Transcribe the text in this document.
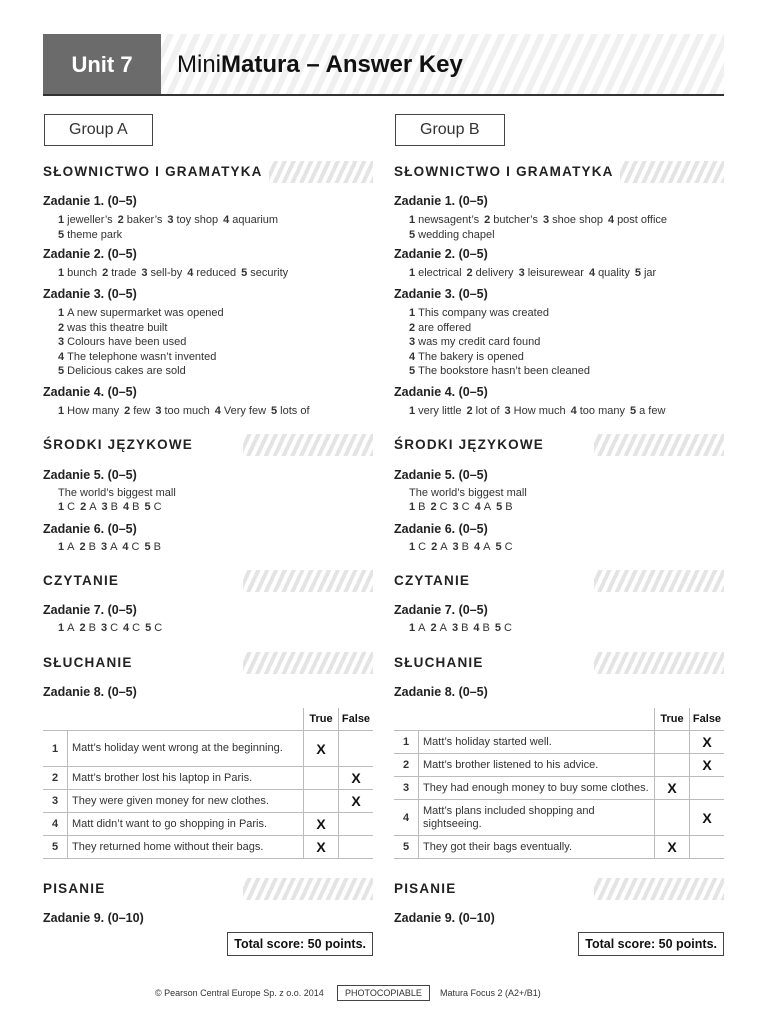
Unit 7	MiniMatura – Answer Key
Group A
SŁOWNICTWO I GRAMATYKA
Zadanie 1. (0–5)
1 jeweller’s 2 baker’s 3 toy shop 4 aquarium
5 theme park
Zadanie 2. (0–5)
1 bunch 2 trade 3 sell-by 4 reduced 5 security
Zadanie 3. (0–5)
1 A new supermarket was opened
2 was this theatre built
3 Colours have been used
4 The telephone wasn’t invented
5 Delicious cakes are sold
Zadanie 4. (0–5)
1 How many 2 few 3 too much 4 Very few 5 lots of
ŚRODKI JĘZYKOWE
Zadanie 5. (0–5)
The world’s biggest mall
1 C 2 A 3 B 4 B 5 C
Zadanie 6. (0–5)
1 A 2 B 3 A 4 C 5 B
CZYTANIE
Zadanie 7. (0–5)
1 A 2 B 3 C 4 C 5 C
SŁUCHANIE
Zadanie 8. (0–5)
		True	False
1	Matt’s holiday went wrong at the beginning.	X	
2	Matt’s brother lost his laptop in Paris.		X
3	They were given money for new clothes.		X
4	Matt didn’t want to go shopping in Paris.	X	
5	They returned home without their bags.	X	
PISANIE
Zadanie 9. (0–10)
Total score: 50 points.
Group B
SŁOWNICTWO I GRAMATYKA
Zadanie 1. (0–5)
1 newsagent’s 2 butcher’s 3 shoe shop 4 post office
5 wedding chapel
Zadanie 2. (0–5)
1 electrical 2 delivery 3 leisurewear 4 quality 5 jar
Zadanie 3. (0–5)
1 This company was created
2 are offered
3 was my credit card found
4 The bakery is opened
5 The bookstore hasn’t been cleaned
Zadanie 4. (0–5)
1 very little 2 lot of 3 How much 4 too many 5 a few
ŚRODKI JĘZYKOWE
Zadanie 5. (0–5)
The world’s biggest mall
1 B 2 C 3 C 4 A 5 B
Zadanie 6. (0–5)
1 C 2 A 3 B 4 A 5 C
CZYTANIE
Zadanie 7. (0–5)
1 A 2 A 3 B 4 B 5 C
SŁUCHANIE
Zadanie 8. (0–5)
		True	False
1	Matt’s holiday started well.		X
2	Matt’s brother listened to his advice.		X
3	They had enough money to buy some clothes.	X	
4	Matt’s plans included shopping and sightseeing.		X
5	They got their bags eventually.	X	
PISANIE
Zadanie 9. (0–10)
Total score: 50 points.
© Pearson Central Europe Sp. z o.o. 2014	PHOTOCOPIABLE	Matura Focus 2 (A2+/B1)
